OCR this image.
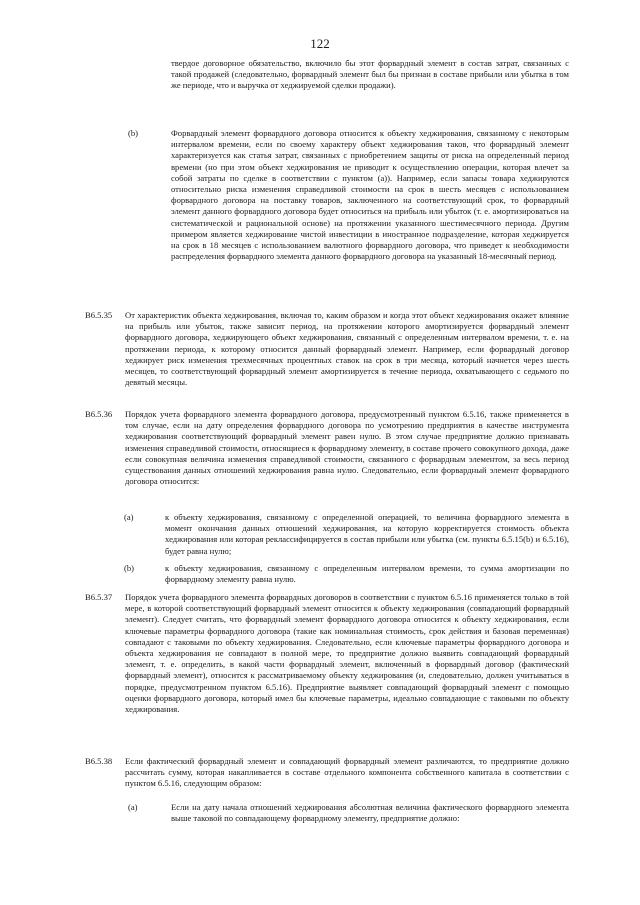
122
твердое договорное обязательство, включило бы этот форвардный элемент в состав затрат, связанных с такой продажей (следовательно, форвардный элемент был бы признан в составе прибыли или убытка в том же периоде, что и выручка от хеджируемой сделки продажи).
(b)	Форвардный элемент форвардного договора относится к объекту хеджирования, связанному с некоторым интервалом времени, если по своему характеру объект хеджирования таков, что форвардный элемент характеризуется как статья затрат, связанных с приобретением защиты от риска на определенный период времени (но при этом объект хеджирования не приводит к осуществлению операции, которая влечет за собой затраты по сделке в соответствии с пунктом (а)). Например, если запасы товара хеджируются относительно риска изменения справедливой стоимости на срок в шесть месяцев с использованием форвардного договора на поставку товаров, заключенного на соответствующий срок, то форвардный элемент данного форвардного договора будет относиться на прибыль или убыток (т. е. амортизироваться на систематической и рациональной основе) на протяжении указанного шестимесячного периода. Другим примером является хеджирование чистой инвестиции в иностранное подразделение, которая хеджируется на срок в 18 месяцев с использованием валютного форвардного договора, что приведет к необходимости распределения форвардного элемента данного форвардного договора на указанный 18-месячный период.
B6.5.35 От характеристик объекта хеджирования, включая то, каким образом и когда этот объект хеджирования окажет влияние на прибыль или убыток, также зависит период, на протяжении которого амортизируется форвардный элемент форвардного договора, хеджирующего объект хеджирования, связанный с определенным интервалом времени, т. е. на протяжении периода, к которому относится данный форвардный элемент. Например, если форвардный договор хеджирует риск изменения трехмесячных процентных ставок на срок в три месяца, который начнется через шесть месяцев, то соответствующий форвардный элемент амортизируется в течение периода, охватывающего с седьмого по девятый месяцы.
B6.5.36 Порядок учета форвардного элемента форвардного договора, предусмотренный пунктом 6.5.16, также применяется в том случае, если на дату определения форвардного договора по усмотрению предприятия в качестве инструмента хеджирования соответствующий форвардный элемент равен нулю. В этом случае предприятие должно признавать изменения справедливой стоимости, относящиеся к форвардному элементу, в составе прочего совокупного дохода, даже если совокупная величина изменения справедливой стоимости, связанного с форвардным элементом, за весь период существования данных отношений хеджирования равна нулю. Следовательно, если форвардный элемент форвардного договора относится:
(а)	к объекту хеджирования, связанному с определенной операцией, то величина форвардного элемента в момент окончания данных отношений хеджирования, на которую корректируется стоимость объекта хеджирования или которая реклассифицируется в состав прибыли или убытка (см. пункты 6.5.15(b) и 6.5.16), будет равна нулю;
(b)	к объекту хеджирования, связанному с определенным интервалом времени, то сумма амортизации по форвардному элементу равна нулю.
B6.5.37 Порядок учета форвардного элемента форвардных договоров в соответствии с пунктом 6.5.16 применяется только в той мере, в которой соответствующий форвардный элемент относится к объекту хеджирования (совпадающий форвардный элемент). Следует считать, что форвардный элемент форвардного договора относится к объекту хеджирования, если ключевые параметры форвардного договора (такие как номинальная стоимость, срок действия и базовая переменная) совпадают с таковыми по объекту хеджирования. Следовательно, если ключевые параметры форвардного договора и объекта хеджирования не совпадают в полной мере, то предприятие должно выявить совпадающий форвардный элемент, т. е. определить, в какой части форвардный элемент, включенный в форвардный договор (фактический форвардный элемент), относится к рассматриваемому объекту хеджирования (и, следовательно, должен учитываться в порядке, предусмотренном пунктом 6.5.16). Предприятие выявляет совпадающий форвардный элемент с помощью оценки форвардного договора, который имел бы ключевые параметры, идеально совпадающие с таковыми по объекту хеджирования.
B6.5.38 Если фактический форвардный элемент и совпадающий форвардный элемент различаются, то предприятие должно рассчитать сумму, которая накапливается в составе отдельного компонента собственного капитала в соответствии с пунктом 6.5.16, следующим образом:
(а)	Если на дату начала отношений хеджирования абсолютная величина фактического форвардного элемента выше таковой по совпадающему форвардному элементу, предприятие должно:
